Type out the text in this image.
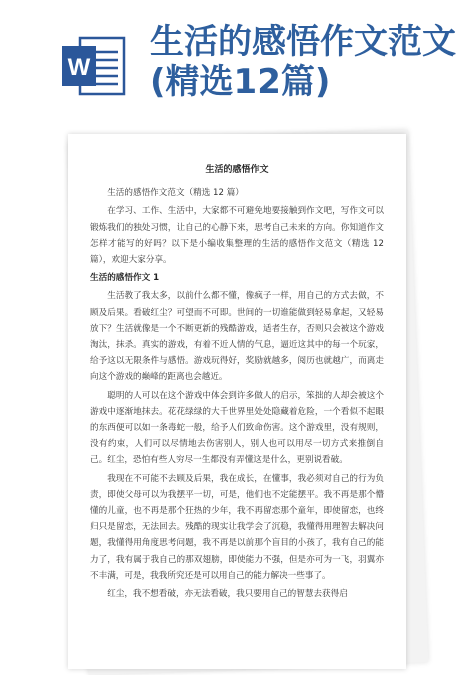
W
生活的感悟作文范文(精选12篇)
生活的感悟作文

生活的感悟作文范文（精选 12 篇）

在学习、工作、生活中，大家都不可避免地要接触到作文吧，写作文可以锻炼我们的独处习惯，让自己的心静下来，思考自己未来的方向。你知道作文怎样才能写的好吗？以下是小编收集整理的生活的感悟作文范文（精选 12 篇），欢迎大家分享。

生活的感悟作文 1

生活教了我太多，以前什么都不懂，像疯子一样，用自己的方式去做，不顾及后果。看破红尘？可望而不可即。世间的一切谁能做到轻易拿起，又轻易放下？生活就像是一个不断更新的残酷游戏，适者生存，否则只会被这个游戏淘汰，抹杀。真实的游戏，有着不近人情的气息，逼近这其中的每一个玩家，给予这以无限条件与感悟。游戏玩得好，奖励就越多，阅历也就越广，而离走向这个游戏的巅峰的距离也会越近。

聪明的人可以在这个游戏中体会到许多做人的启示，笨拙的人却会被这个游戏中逐渐地抹去。花花绿绿的大千世界里处处隐藏着危险，一个看似不起眼的东西便可以如一条毒蛇一般，给予人们致命伤害。这个游戏里，没有规则，没有约束，人们可以尽情地去伤害别人，别人也可以用尽一切方式来推倒自己。红尘，恐怕有些人穷尽一生都没有弄懂这是什么，更别说看破。

我现在不可能不去顾及后果，我在成长，在懂事，我必须对自己的行为负责，即使父母可以为我摆平一切，可是，他们也不定能摆平。我不再是那个懵懂的儿童，也不再是那个狂热的少年，我不再留恋那个童年，即使留恋，也终归只是留恋，无法回去。残酷的现实让我学会了沉稳，我懂得用理智去解决问题，我懂得用角度思考问题，我不再是以前那个盲目的小孩了，我有自己的能力了，我有属于我自己的那双翅膀，即使能力不强，但是亦可为一飞，羽翼亦不丰满，可是，我我所究还是可以用自己的能力解决一些事了。

红尘，我不想看破，亦无法看破，我只要用自己的智慧去获得启
